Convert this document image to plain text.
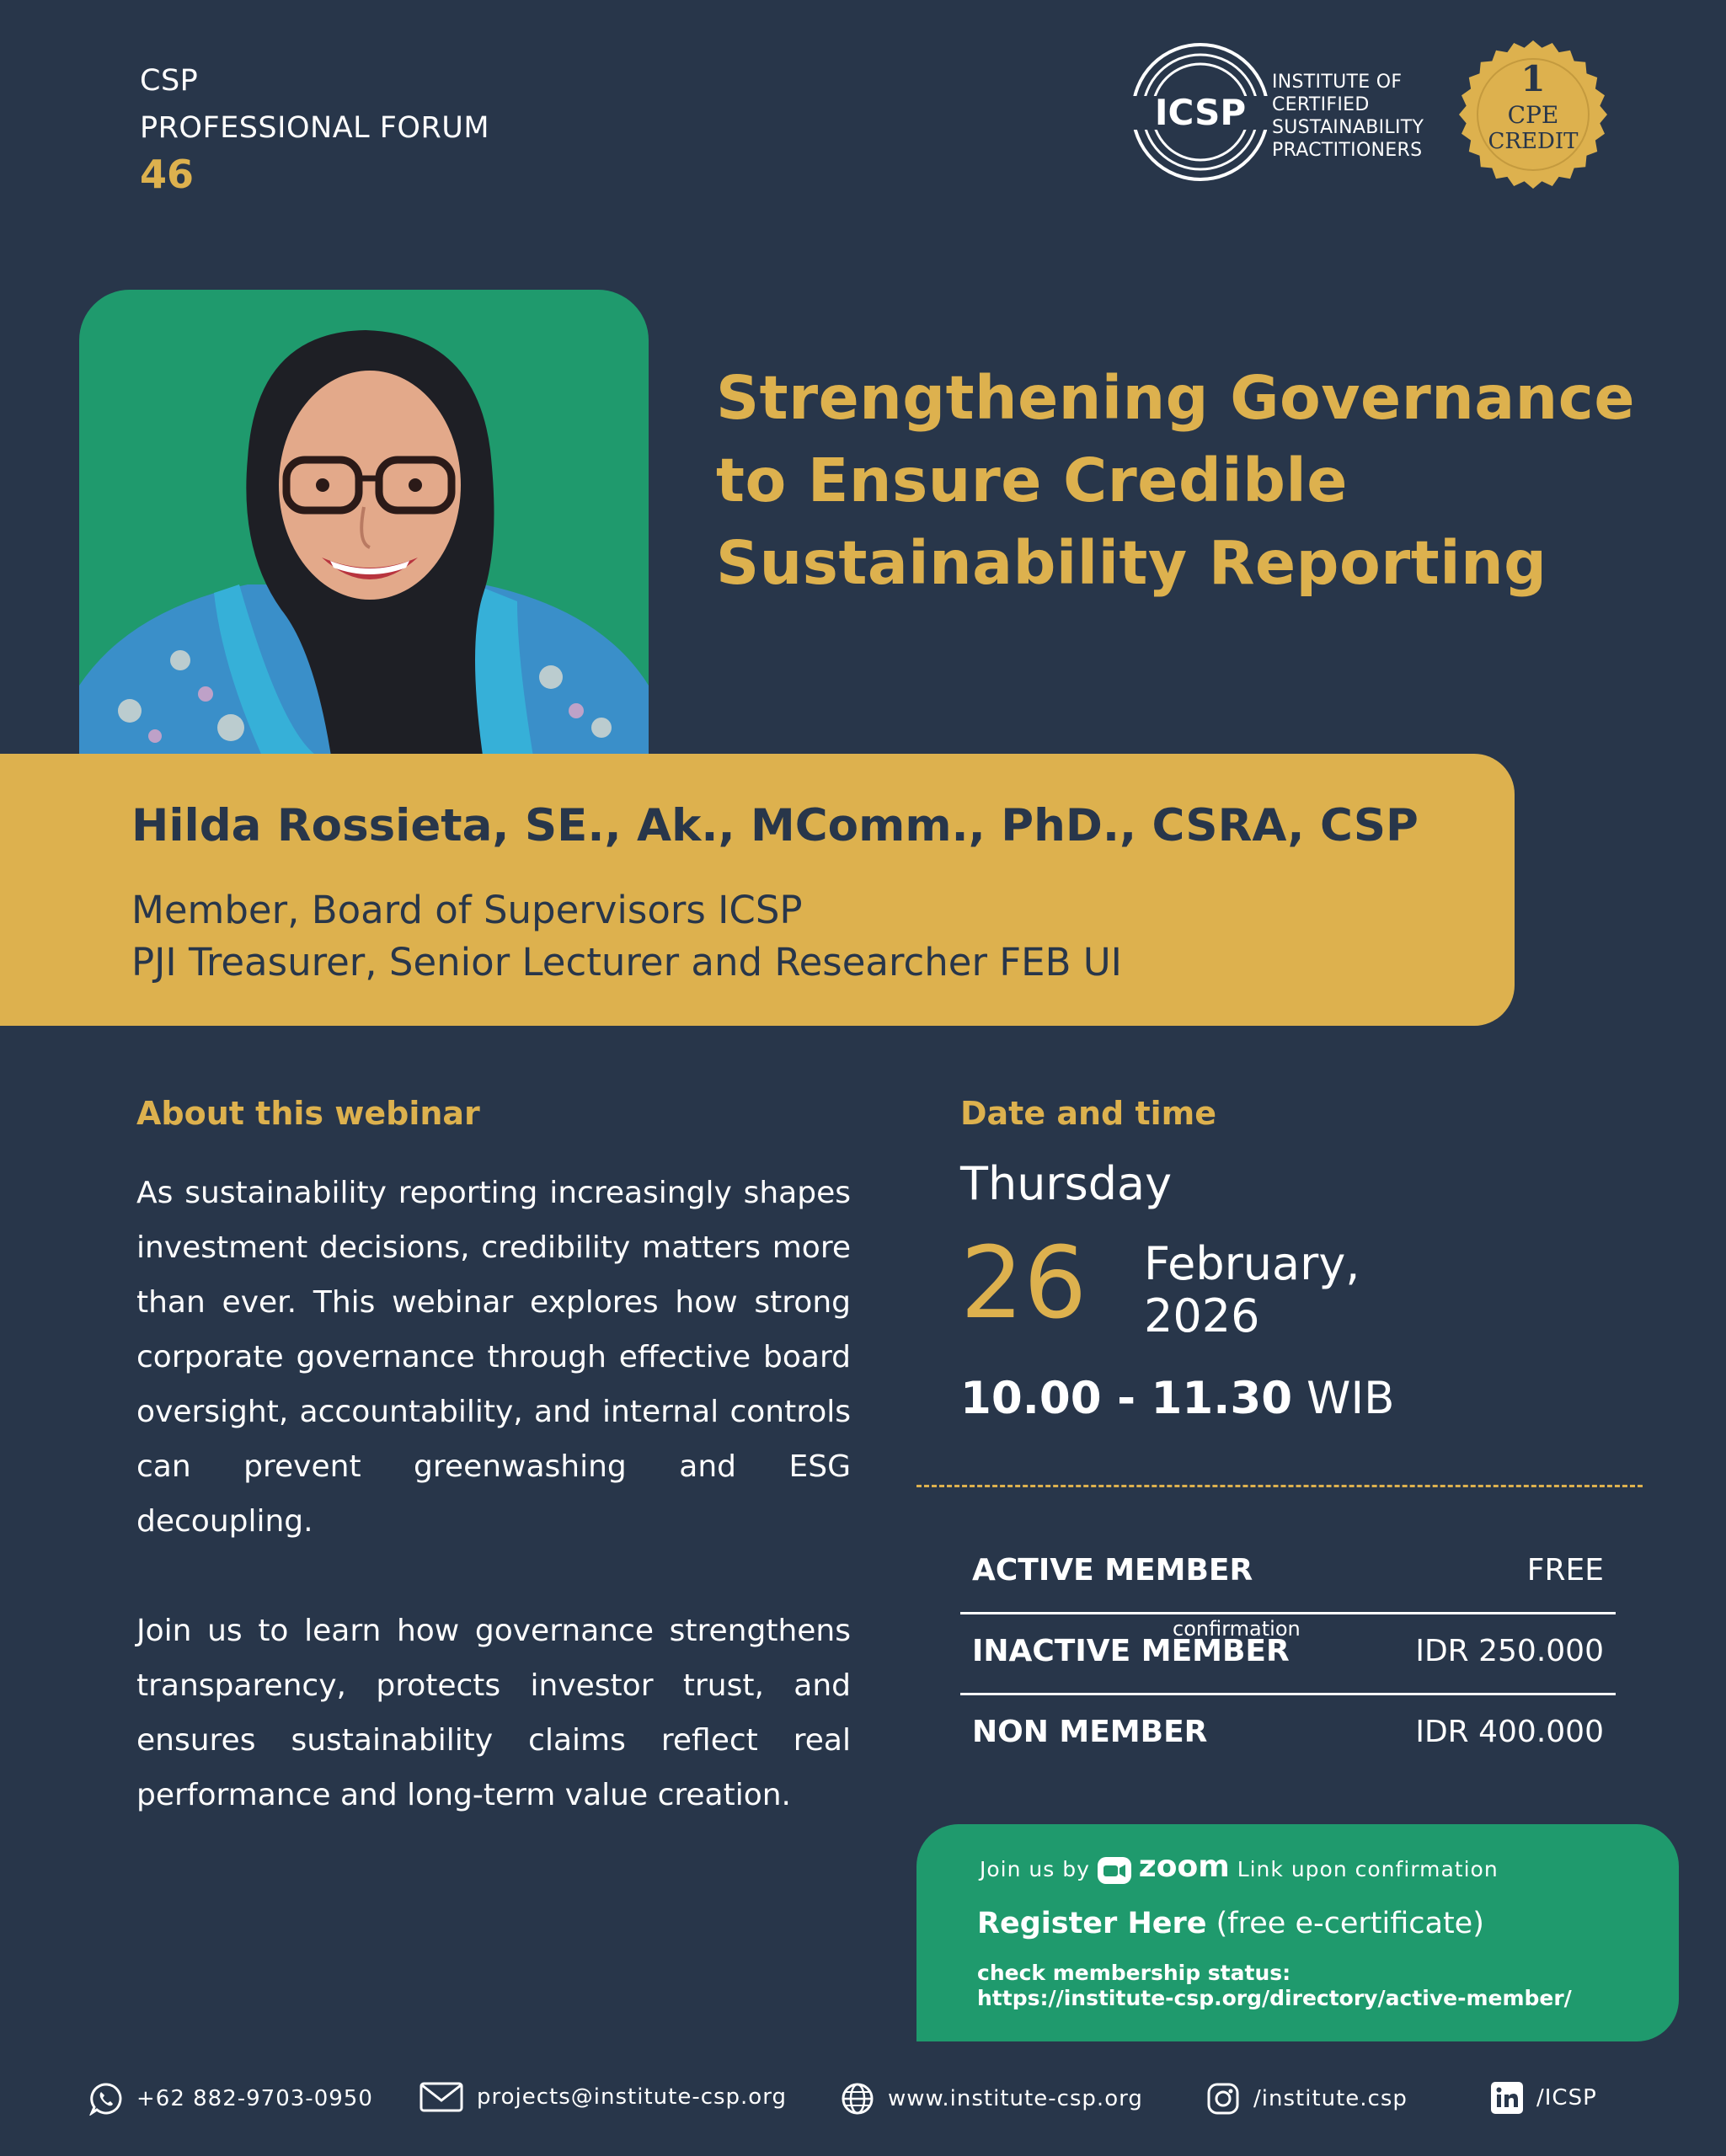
CSP
PROFESSIONAL FORUM
46
ICSP
INSTITUTE OF
CERTIFIED
SUSTAINABILITY
PRACTITIONERS
1
CPE
CREDIT
Strengthening Governance
to Ensure Credible
Sustainability Reporting
Hilda Rossieta, SE., Ak., MComm., PhD., CSRA, CSP
Member, Board of Supervisors ICSP
PJI Treasurer, Senior Lecturer and Researcher FEB UI
About this webinar
As sustainability reporting increasingly shapes investment decisions, credibility matters more than ever. This webinar explores how strong corporate governance through effective board oversight, accountability, and internal controls can prevent greenwashing and ESG decoupling.
Join us to learn how governance strengthens transparency, protects investor trust, and ensures sustainability claims reflect real performance and long-term value creation.
Date and time
Thursday
26 February,
2026
10.00 - 11.30 WIB
ACTIVE MEMBER	FREE
INACTIVE MEMBER	IDR 250.000
confirmation
NON MEMBER	IDR 400.000
Join us by zoom Link upon confirmation
Register Here (free e-certificate)
check membership status:
https://institute-csp.org/directory/active-member/
+62 882-9703-0950	projects@institute-csp.org	www.institute-csp.org	/institute.csp	/ICSP
